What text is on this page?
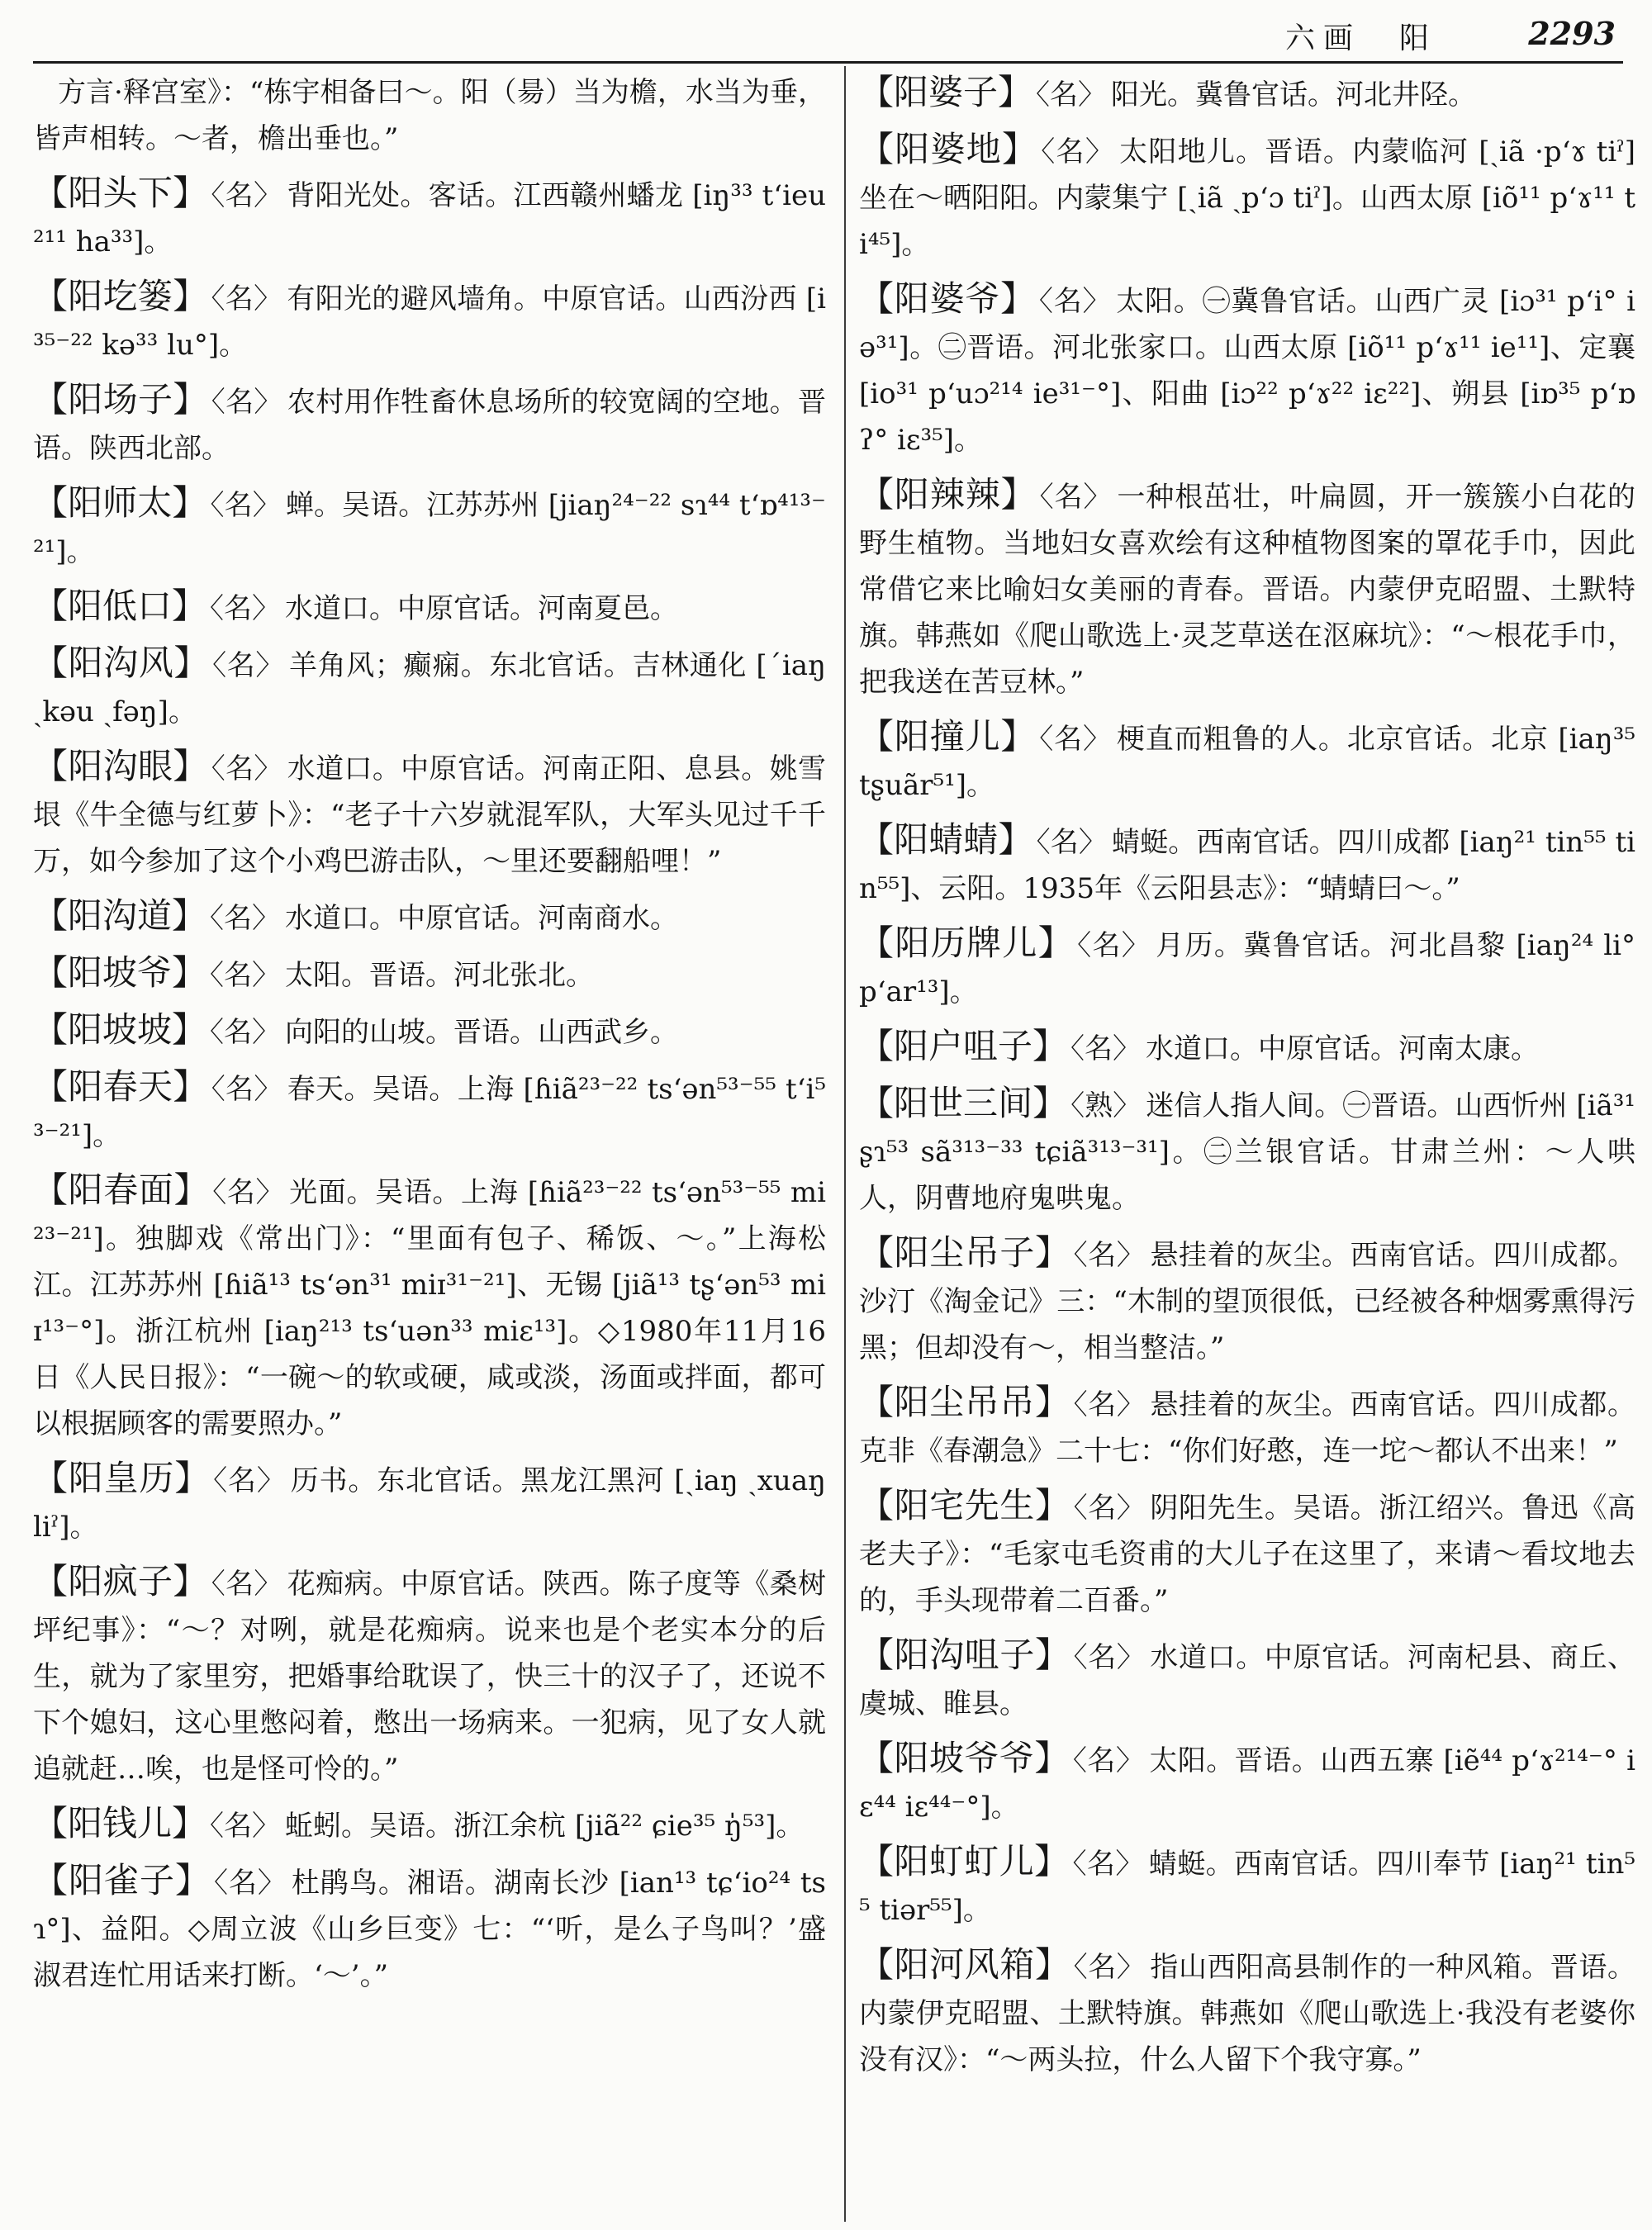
六画　阳	2293

方言·释宫室》：“栋宇相备曰～。阳（昜）当为檐，水当为垂，皆声相转。～者，檐出垂也。”

【阳头下】 〈名〉 背阳光处。客话。江西赣州蟠龙 [iŋ³³ t‘ieu²¹¹ ha³³]。

【阳圪篓】 〈名〉 有阳光的避风墙角。中原官话。山西汾西 [i³⁵⁻²² kə³³ lu°]。

【阳场子】 〈名〉 农村用作牲畜休息场所的较宽阔的空地。晋语。陕西北部。

【阳师太】 〈名〉 蝉。吴语。江苏苏州 [jiaŋ²⁴⁻²² sɿ⁴⁴ t‘ɒ⁴¹³⁻²¹]。

【阳低口】 〈名〉 水道口。中原官话。河南夏邑。

【阳沟风】 〈名〉 羊角风；癫痫。东北官话。吉林通化 [ˊiaŋ ˏkəu ˏfəŋ]。

【阳沟眼】 〈名〉 水道口。中原官话。河南正阳、息县。姚雪垠《牛全德与红萝卜》：“老子十六岁就混军队，大军头见过千千万，如今参加了这个小鸡巴游击队，～里还要翻船哩！”

【阳沟道】 〈名〉 水道口。中原官话。河南商水。

【阳坡爷】 〈名〉 太阳。晋语。河北张北。

【阳坡坡】 〈名〉 向阳的山坡。晋语。山西武乡。

【阳春天】 〈名〉 春天。吴语。上海 [ɦiã²³⁻²² ts‘ən⁵³⁻⁵⁵ t‘i⁵³⁻²¹]。

【阳春面】 〈名〉 光面。吴语。上海 [ɦiã²³⁻²² ts‘ən⁵³⁻⁵⁵ mi²³⁻²¹]。独脚戏《常出门》：“里面有包子、稀饭、～。”上海松江。江苏苏州 [ɦiã¹³ ts‘ən³¹ miɪ³¹⁻²¹]、无锡 [jiã¹³ tʂ‘ən⁵³ miɪ¹³⁻°]。浙江杭州 [iaŋ²¹³ ts‘uən³³ miɛ¹³]。◇1980年11月16日《人民日报》：“一碗～的软或硬，咸或淡，汤面或拌面，都可以根据顾客的需要照办。”

【阳皇历】 〈名〉 历书。东北官话。黑龙江黑河 [ˏiaŋ ˏxuaŋ liˀ]。

【阳疯子】 〈名〉 花痴病。中原官话。陕西。陈子度等《桑树坪纪事》：“～？对咧，就是花痴病。说来也是个老实本分的后生，就为了家里穷，把婚事给耽误了，快三十的汉子了，还说不下个媳妇，这心里憋闷着，憋出一场病来。一犯病，见了女人就追就赶…唉，也是怪可怜的。”

【阳钱儿】 〈名〉 蚯蚓。吴语。浙江余杭 [jiã²² ɕie³⁵ ŋ̍⁵³]。

【阳雀子】 〈名〉 杜鹃鸟。湘语。湖南长沙 [ian¹³ tɕ‘io²⁴ tsɿ°]、益阳。◇周立波《山乡巨变》七：“‘听，是么子鸟叫？’盛淑君连忙用话来打断。‘～’。”

【阳婆子】 〈名〉 阳光。冀鲁官话。河北井陉。

【阳婆地】 〈名〉 太阳地儿。晋语。内蒙临河 [ˏiã ·p‘ɤ tiˀ] 坐在～晒阳阳。内蒙集宁 [ˏiã ˏp‘ɔ tiˀ]。山西太原 [iõ¹¹ p‘ɤ¹¹ ti⁴⁵]。

【阳婆爷】 〈名〉 太阳。㊀冀鲁官话。山西广灵 [iɔ³¹ p‘i° iə³¹]。㊁晋语。河北张家口。山西太原 [iõ¹¹ p‘ɤ¹¹ ie¹¹]、定襄 [io³¹ p‘uɔ²¹⁴ ie³¹⁻°]、阳曲 [iɔ²² p‘ɤ²² iɛ²²]、朔县 [iɒ³⁵ p‘ɒʔ° iɛ³⁵]。

【阳辣辣】 〈名〉 一种根茁壮，叶扁圆，开一簇簇小白花的野生植物。当地妇女喜欢绘有这种植物图案的罩花手巾，因此常借它来比喻妇女美丽的青春。晋语。内蒙伊克昭盟、土默特旗。韩燕如《爬山歌选上·灵芝草送在沤麻坑》：“～根花手巾，把我送在苦豆林。”

【阳撞儿】 〈名〉 梗直而粗鲁的人。北京官话。北京 [iaŋ³⁵ tʂuãr⁵¹]。

【阳蜻蜻】 〈名〉 蜻蜓。西南官话。四川成都 [iaŋ²¹ tin⁵⁵ tin⁵⁵]、云阳。1935年《云阳县志》：“蜻蜻曰～。”

【阳历牌儿】 〈名〉 月历。冀鲁官话。河北昌黎 [iaŋ²⁴ li° p‘ar¹³]。

【阳户咀子】 〈名〉 水道口。中原官话。河南太康。

【阳世三间】 〈熟〉 迷信人指人间。㊀晋语。山西忻州 [iã³¹ ʂɿ⁵³ sã³¹³⁻³³ tɕiã³¹³⁻³¹]。㊁兰银官话。甘肃兰州：～人哄人，阴曹地府鬼哄鬼。

【阳尘吊子】 〈名〉 悬挂着的灰尘。西南官话。四川成都。沙汀《淘金记》三：“木制的望顶很低，已经被各种烟雾熏得污黑；但却没有～，相当整洁。”

【阳尘吊吊】 〈名〉 悬挂着的灰尘。西南官话。四川成都。克非《春潮急》二十七：“你们好憨，连一坨～都认不出来！”

【阳宅先生】 〈名〉 阴阳先生。吴语。浙江绍兴。鲁迅《高老夫子》：“毛家屯毛资甫的大儿子在这里了，来请～看坟地去的，手头现带着二百番。”

【阳沟咀子】 〈名〉 水道口。中原官话。河南杞县、商丘、虞城、睢县。

【阳坡爷爷】 〈名〉 太阳。晋语。山西五寨 [iẽ⁴⁴ p‘ɤ²¹⁴⁻° iɛ⁴⁴ iɛ⁴⁴⁻°]。

【阳虰虰儿】 〈名〉 蜻蜓。西南官话。四川奉节 [iaŋ²¹ tin⁵⁵ tiər⁵⁵]。

【阳河风箱】 〈名〉 指山西阳高县制作的一种风箱。晋语。内蒙伊克昭盟、土默特旗。韩燕如《爬山歌选上·我没有老婆你没有汉》：“～两头拉，什么人留下个我守寡。”
